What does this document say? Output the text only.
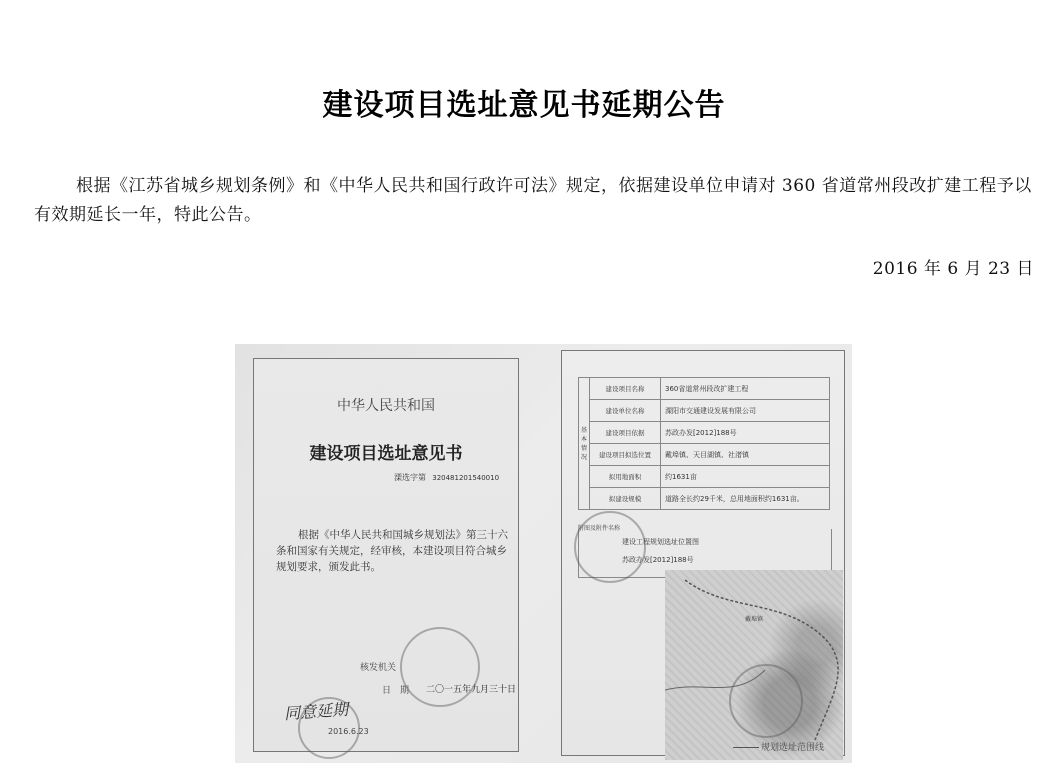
建设项目选址意见书延期公告
根据《江苏省城乡规划条例》和《中华人民共和国行政许可法》规定，依据建设单位申请对 360 省道常州段改扩建工程予以有效期延长一年，特此公告。
2016 年 6 月 23 日
中华人民共和国
建设项目选址意见书
溧选字第 320481201540010
根据《中华人民共和国城乡规划法》第三十六条和国家有关规定，经审核，本建设项目符合城乡规划要求，颁发此书。
核发机关
日　期 二〇一五年九月三十日
同意延期
2016.6.23
基本情况	建设项目名称	360省道常州段改扩建工程
	建设单位名称	溧阳市交通建设发展有限公司
	建设项目依据	苏政办发[2012]188号
	建设项目拟选位置	戴埠镇、天目湖镇、社渚镇
	拟用地面积	约1631亩
	拟建设规模	道路全长约29千米，总用地面积约1631亩。
附图及附件名称
建设工程规划选址位置图
苏政办发[2012]188号
戴埠镇
规划选址范围线
